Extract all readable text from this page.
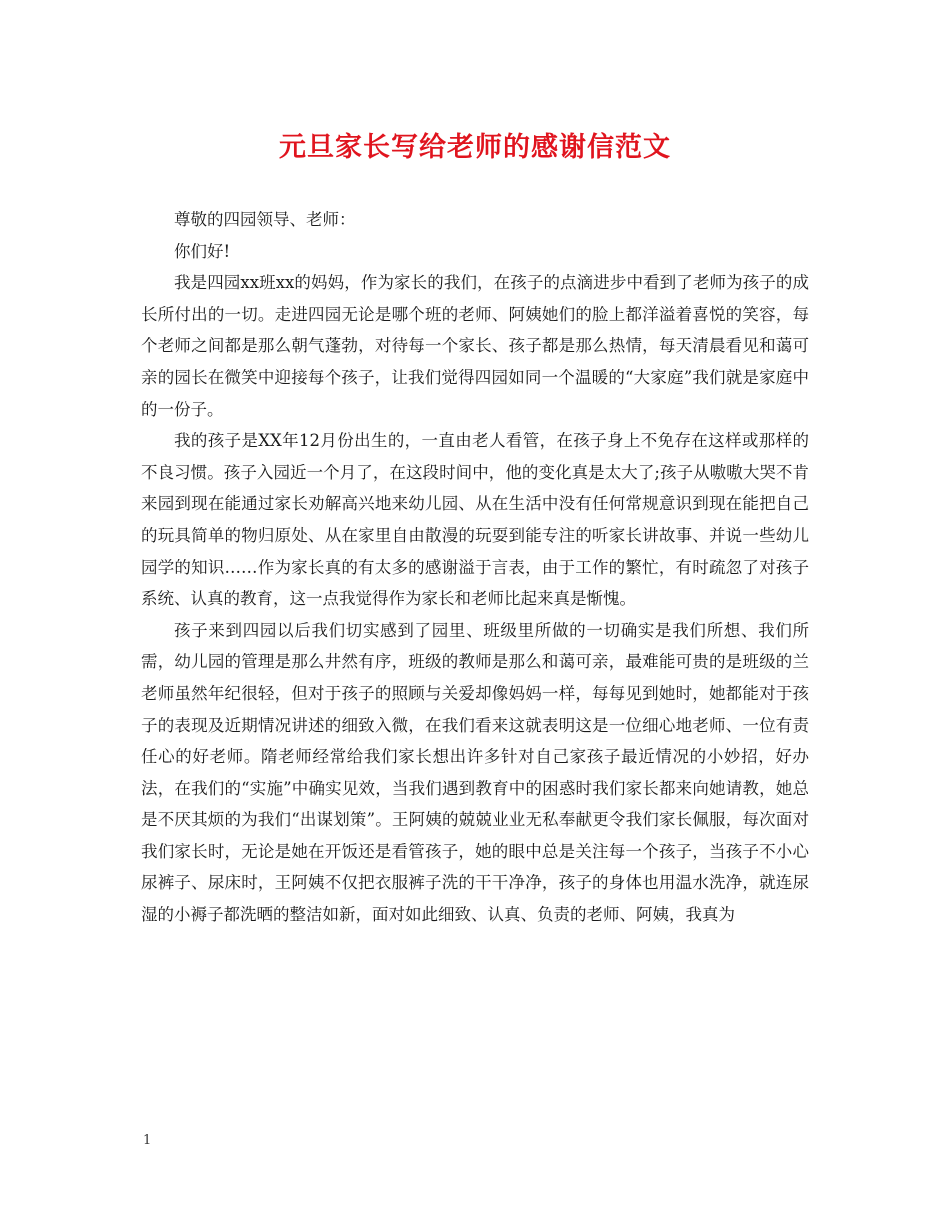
元旦家长写给老师的感谢信范文

尊敬的四园领导、老师：

你们好!

我是四园xx班xx的妈妈，作为家长的我们，在孩子的点滴进步中看到了老师为孩子的成长所付出的一切。走进四园无论是哪个班的老师、阿姨她们的脸上都洋溢着喜悦的笑容，每个老师之间都是那么朝气蓬勃，对待每一个家长、孩子都是那么热情，每天清晨看见和蔼可亲的园长在微笑中迎接每个孩子，让我们觉得四园如同一个温暖的“大家庭”我们就是家庭中的一份子。

我的孩子是XX年12月份出生的，一直由老人看管，在孩子身上不免存在这样或那样的不良习惯。孩子入园近一个月了，在这段时间中，他的变化真是太大了;孩子从嗷嗷大哭不肯来园到现在能通过家长劝解高兴地来幼儿园、从在生活中没有任何常规意识到现在能把自己的玩具简单的物归原处、从在家里自由散漫的玩耍到能专注的听家长讲故事、并说一些幼儿园学的知识……作为家长真的有太多的感谢溢于言表，由于工作的繁忙，有时疏忽了对孩子系统、认真的教育，这一点我觉得作为家长和老师比起来真是惭愧。

孩子来到四园以后我们切实感到了园里、班级里所做的一切确实是我们所想、我们所需，幼儿园的管理是那么井然有序，班级的教师是那么和蔼可亲，最难能可贵的是班级的兰老师虽然年纪很轻，但对于孩子的照顾与关爱却像妈妈一样，每每见到她时，她都能对于孩子的表现及近期情况讲述的细致入微，在我们看来这就表明这是一位细心地老师、一位有责任心的好老师。隋老师经常给我们家长想出许多针对自己家孩子最近情况的小妙招，好办法，在我们的“实施”中确实见效，当我们遇到教育中的困惑时我们家长都来向她请教，她总是不厌其烦的为我们“出谋划策”。王阿姨的兢兢业业无私奉献更令我们家长佩服，每次面对我们家长时，无论是她在开饭还是看管孩子，她的眼中总是关注每一个孩子，当孩子不小心尿裤子、尿床时，王阿姨不仅把衣服裤子洗的干干净净，孩子的身体也用温水洗净，就连尿湿的小褥子都洗晒的整洁如新，面对如此细致、认真、负责的老师、阿姨，我真为

1
